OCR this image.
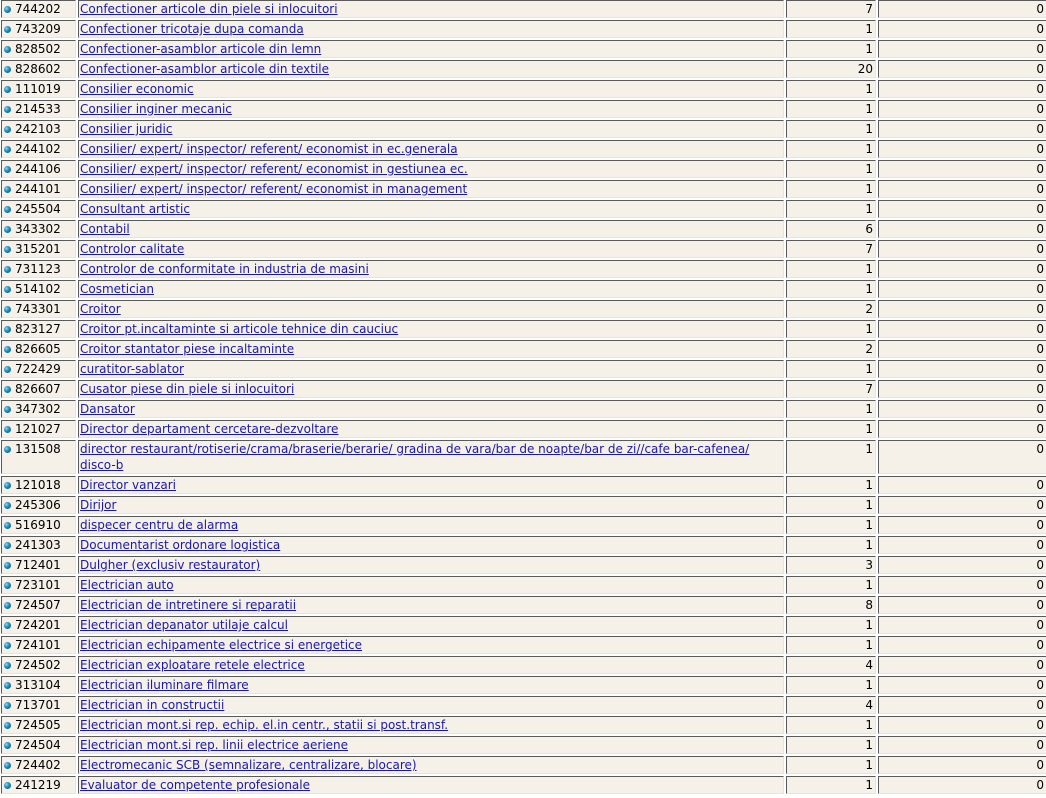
744202	Confectioner articole din piele si inlocuitori	7	0
743209	Confectioner tricotaje dupa comanda	1	0
828502	Confectioner-asamblor articole din lemn	1	0
828602	Confectioner-asamblor articole din textile	20	0
111019	Consilier economic	1	0
214533	Consilier inginer mecanic	1	0
242103	Consilier juridic	1	0
244102	Consilier/ expert/ inspector/ referent/ economist in ec.generala	1	0
244106	Consilier/ expert/ inspector/ referent/ economist in gestiunea ec.	1	0
244101	Consilier/ expert/ inspector/ referent/ economist in management	1	0
245504	Consultant artistic	1	0
343302	Contabil	6	0
315201	Controlor calitate	7	0
731123	Controlor de conformitate in industria de masini	1	0
514102	Cosmetician	1	0
743301	Croitor	2	0
823127	Croitor pt.incaltaminte si articole tehnice din cauciuc	1	0
826605	Croitor stantator piese incaltaminte	2	0
722429	curatitor-sablator	1	0
826607	Cusator piese din piele si inlocuitori	7	0
347302	Dansator	1	0
121027	Director departament cercetare-dezvoltare	1	0
131508	director restaurant/rotiserie/crama/braserie/berarie/ gradina de vara/bar de noapte/bar de zi//cafe bar-cafenea/ disco-b	1	0
121018	Director vanzari	1	0
245306	Dirijor	1	0
516910	dispecer centru de alarma	1	0
241303	Documentarist ordonare logistica	1	0
712401	Dulgher (exclusiv restaurator)	3	0
723101	Electrician auto	1	0
724507	Electrician de intretinere si reparatii	8	0
724201	Electrician depanator utilaje calcul	1	0
724101	Electrician echipamente electrice si energetice	1	0
724502	Electrician exploatare retele electrice	4	0
313104	Electrician iluminare filmare	1	0
713701	Electrician in constructii	4	0
724505	Electrician mont.si rep. echip. el.in centr., statii si post.transf.	1	0
724504	Electrician mont.si rep. linii electrice aeriene	1	0
724402	Electromecanic SCB (semnalizare, centralizare, blocare)	1	0
241219	Evaluator de competente profesionale	1	0
